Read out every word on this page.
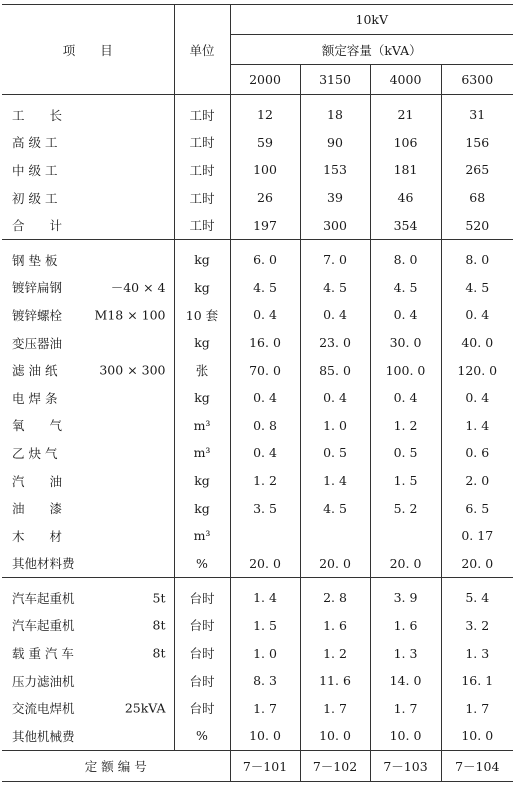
项　　目	单位	10kV			
		额定容量（kVA）			
		2000	3150	4000	6300
工　　长	工时	12	18	21	31
高 级 工	工时	59	90	106	156
中 级 工	工时	100	153	181	265
初 级 工	工时	26	39	46	68
合　　计	工时	197	300	354	520
钢 垫 板	kg	6. 0	7. 0	8. 0	8. 0
镀锌扁钢 －40 × 4	kg	4. 5	4. 5	4. 5	4. 5
镀锌螺栓 M18 × 100	10 套	0. 4	0. 4	0. 4	0. 4
变压器油	kg	16. 0	23. 0	30. 0	40. 0
滤 油 纸 300 × 300	张	70. 0	85. 0	100. 0	120. 0
电 焊 条	kg	0. 4	0. 4	0. 4	0. 4
氧　　气	m³	0. 8	1. 0	1. 2	1. 4
乙 炔 气	m³	0. 4	0. 5	0. 5	0. 6
汽　　油	kg	1. 2	1. 4	1. 5	2. 0
油　　漆	kg	3. 5	4. 5	5. 2	6. 5
木　　材	m³				0. 17
其他材料费	%	20. 0	20. 0	20. 0	20. 0
汽车起重机 5t	台时	1. 4	2. 8	3. 9	5. 4
汽车起重机 8t	台时	1. 5	1. 6	1. 6	3. 2
载 重 汽 车 8t	台时	1. 0	1. 2	1. 3	1. 3
压力滤油机	台时	8. 3	11. 6	14. 0	16. 1
交流电焊机 25kVA	台时	1. 7	1. 7	1. 7	1. 7
其他机械费	%	10. 0	10. 0	10. 0	10. 0
定 额 编 号		7－101	7－102	7－103	7－104
